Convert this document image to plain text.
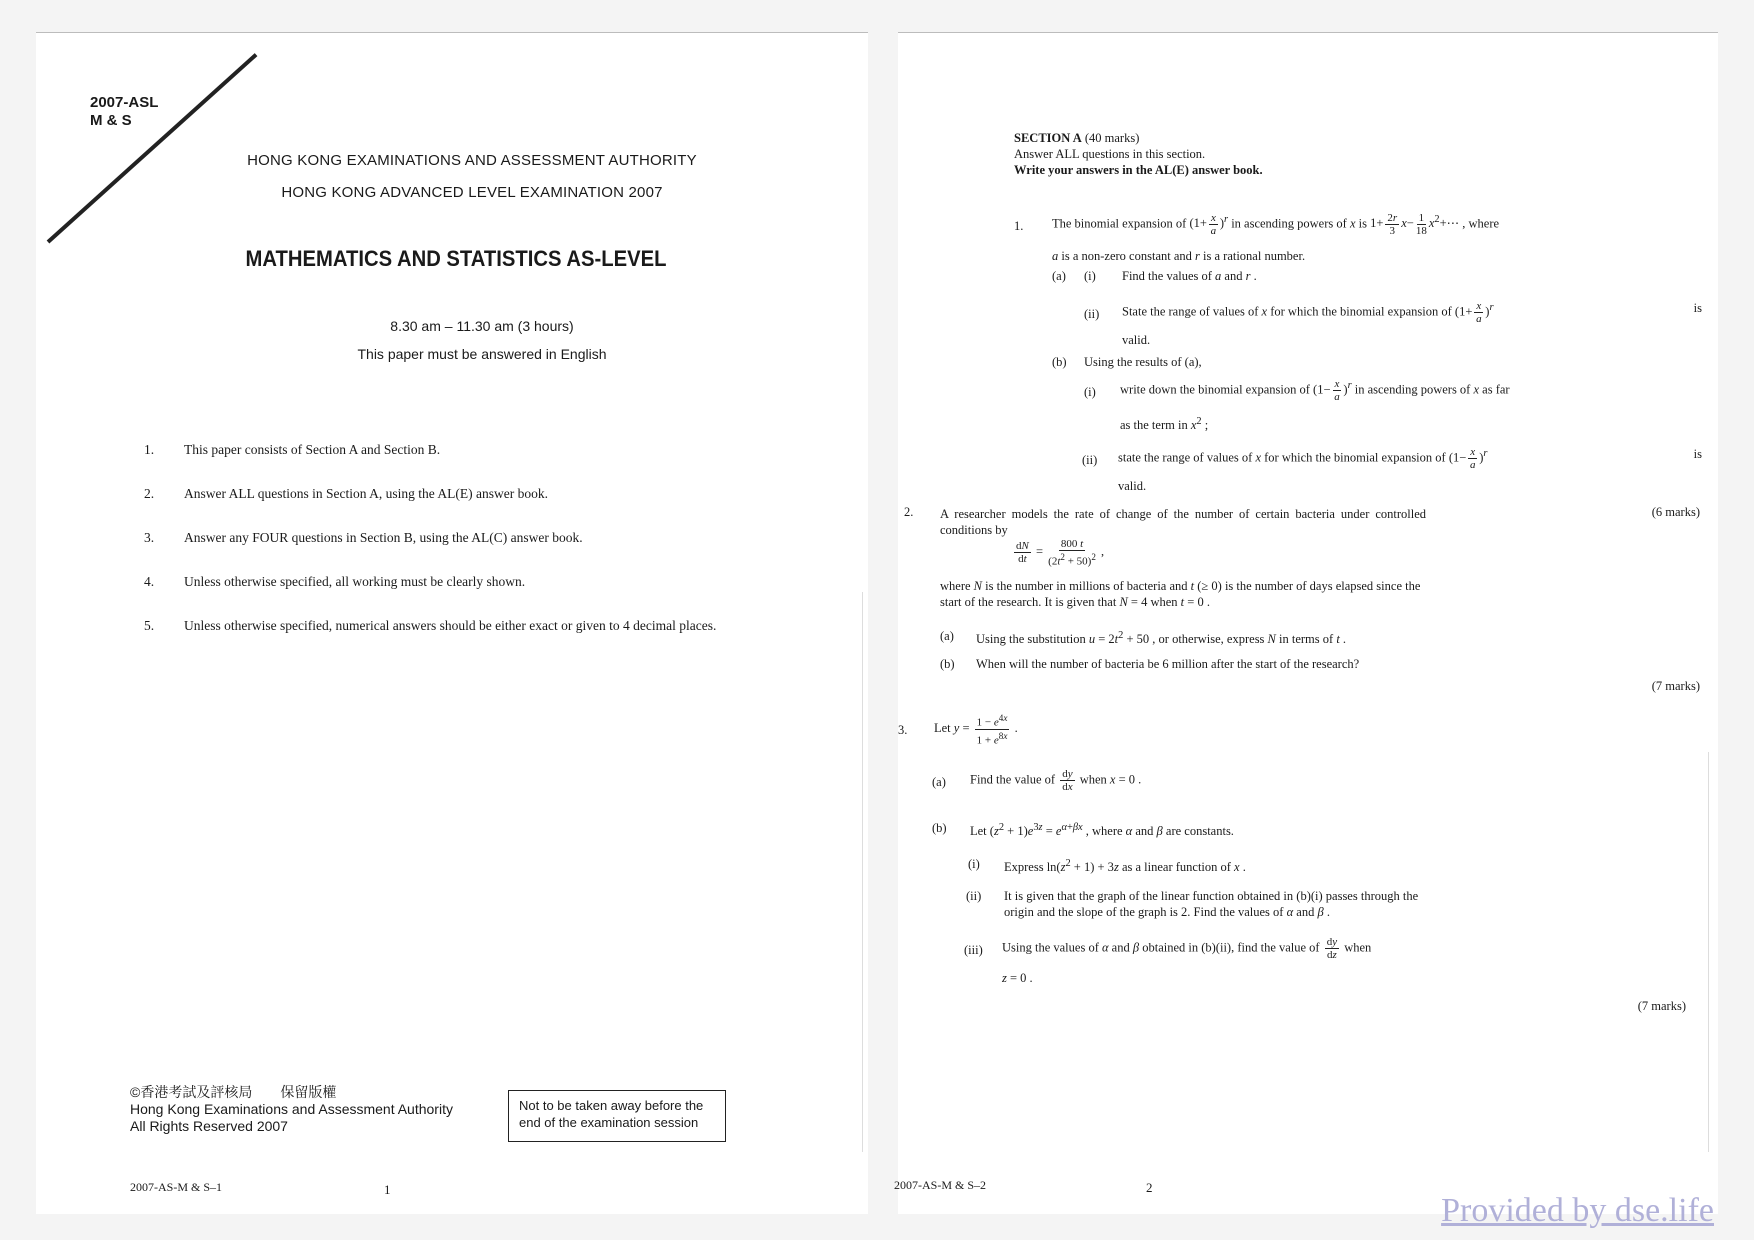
2007-ASL
M & S
HONG KONG EXAMINATIONS AND ASSESSMENT AUTHORITY
HONG KONG ADVANCED LEVEL EXAMINATION 2007
MATHEMATICS AND STATISTICS AS-LEVEL
8.30 am – 11.30 am (3 hours)
This paper must be answered in English
1. This paper consists of Section A and Section B.
2. Answer ALL questions in Section A, using the AL(E) answer book.
3. Answer any FOUR questions in Section B, using the AL(C) answer book.
4. Unless otherwise specified, all working must be clearly shown.
5. Unless otherwise specified, numerical answers should be either exact or given to 4 decimal places.
©香港考試及評核局　　保留版權
Hong Kong Examinations and Assessment Authority
All Rights Reserved 2007
Not to be taken away before the end of the examination session
2007-AS-M & S–1	1
SECTION A (40 marks)
Answer ALL questions in this section.
Write your answers in the AL(E) answer book.
1. The binomial expansion of $(1+ \frac{x}{a} )^r$ in ascending powers of x is $1+ \frac{2r}{3} x- \frac{1}{18}$ $x^2+\cdots$ , where
a is a non-zero constant and r is a rational number.
(a) (i) Find the values of a and r .
(ii) State the range of values of x for which the binomial expansion of $(1+ \frac{x}{a} )^r$	is
valid.
(b) Using the results of (a),
(i) write down the binomial expansion of $(1- \frac{x}{a} )^r$ in ascending powers of x as far
as the term in $x^2$ ;
(ii) state the range of values of x for which the binomial expansion of $(1- \frac{x}{a} )^r$	is
valid.
(6 marks)
2. A researcher models the rate of change of the number of certain bacteria under controlled conditions by
$\frac{dN}{dt} = \frac{800 t}{(2t^2 + 50)^2}$ ,
where N is the number in millions of bacteria and t (≥ 0) is the number of days elapsed since the start of the research. It is given that N = 4 when t = 0 .
(a) Using the substitution $u = 2t^2 + 50$ , or otherwise, express N in terms of t .
(b) When will the number of bacteria be 6 million after the start of the research?
(7 marks)
3. Let $y = \frac{1 - e^{4x}}{1 + e^{8x}}$ .
(a) Find the value of $\frac{dy}{dx}$ when x = 0 .
(b) Let $(z^2 + 1)e^{3z} = e^{\alpha+\beta x}$ , where α and β are constants.
(i) Express $\ln(z^2 + 1) + 3z$ as a linear function of x .
(ii) It is given that the graph of the linear function obtained in (b)(i) passes through the origin and the slope of the graph is 2. Find the values of α and β .
(iii) Using the values of α and β obtained in (b)(ii), find the value of $\frac{dy}{dz}$ when
z = 0 .
(7 marks)
2007-AS-M & S–2	2
Provided by dse.life
